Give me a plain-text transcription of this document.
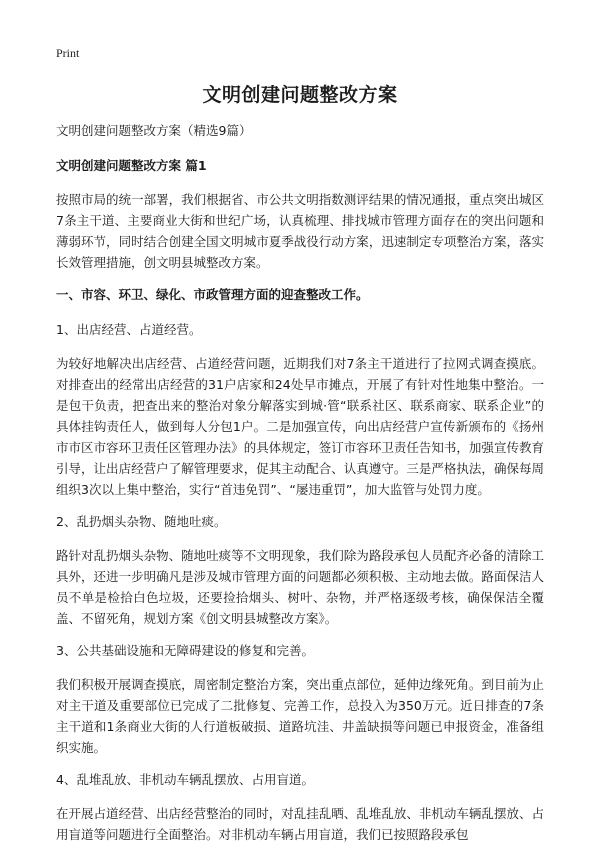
Print
文明创建问题整改方案

文明创建问题整改方案（精选9篇）

文明创建问题整改方案 篇1

按照市局的统一部署，我们根据省、市公共文明指数测评结果的情况通报，重点突出城区7条主干道、主要商业大街和世纪广场，认真梳理、排找城市管理方面存在的突出问题和薄弱环节，同时结合创建全国文明城市夏季战役行动方案，迅速制定专项整治方案，落实长效管理措施，创文明县城整改方案。

一、市容、环卫、绿化、市政管理方面的迎查整改工作。

1、出店经营、占道经营。

为较好地解决出店经营、占道经营问题，近期我们对7条主干道进行了拉网式调查摸底。对排查出的经常出店经营的31户店家和24处早市摊点，开展了有针对性地集中整治。一是包干负责，把查出来的整治对象分解落实到城·管“联系社区、联系商家、联系企业”的具体挂钩责任人，做到每人分包1户。二是加强宣传，向出店经营户宣传新颁布的《扬州市市区市容环卫责任区管理办法》的具体规定，签订市容环卫责任告知书，加强宣传教育引导，让出店经营户了解管理要求，促其主动配合、认真遵守。三是严格执法，确保每周组织3次以上集中整治，实行“首违免罚”、“屡违重罚”，加大监管与处罚力度。

2、乱扔烟头杂物、随地吐痰。

路针对乱扔烟头杂物、随地吐痰等不文明现象，我们除为路段承包人员配齐必备的清除工具外，还进一步明确凡是涉及城市管理方面的问题都必须积极、主动地去做。路面保洁人员不单是检拾白色垃圾，还要捡拾烟头、树叶、杂物，并严格逐级考核，确保保洁全覆盖、不留死角，规划方案《创文明县城整改方案》。

3、公共基础设施和无障碍建设的修复和完善。

我们积极开展调查摸底，周密制定整治方案，突出重点部位，延伸边缘死角。到目前为止对主干道及重要部位已完成了二批修复、完善工作，总投入为350万元。近日排查的7条主干道和1条商业大街的人行道板破损、道路坑洼、井盖缺损等问题已申报资金，准备组织实施。

4、乱堆乱放、非机动车辆乱摆放、占用盲道。

在开展占道经营、出店经营整治的同时，对乱挂乱晒、乱堆乱放、非机动车辆乱摆放、占用盲道等问题进行全面整治。对非机动车辆占用盲道，我们已按照路段承包
